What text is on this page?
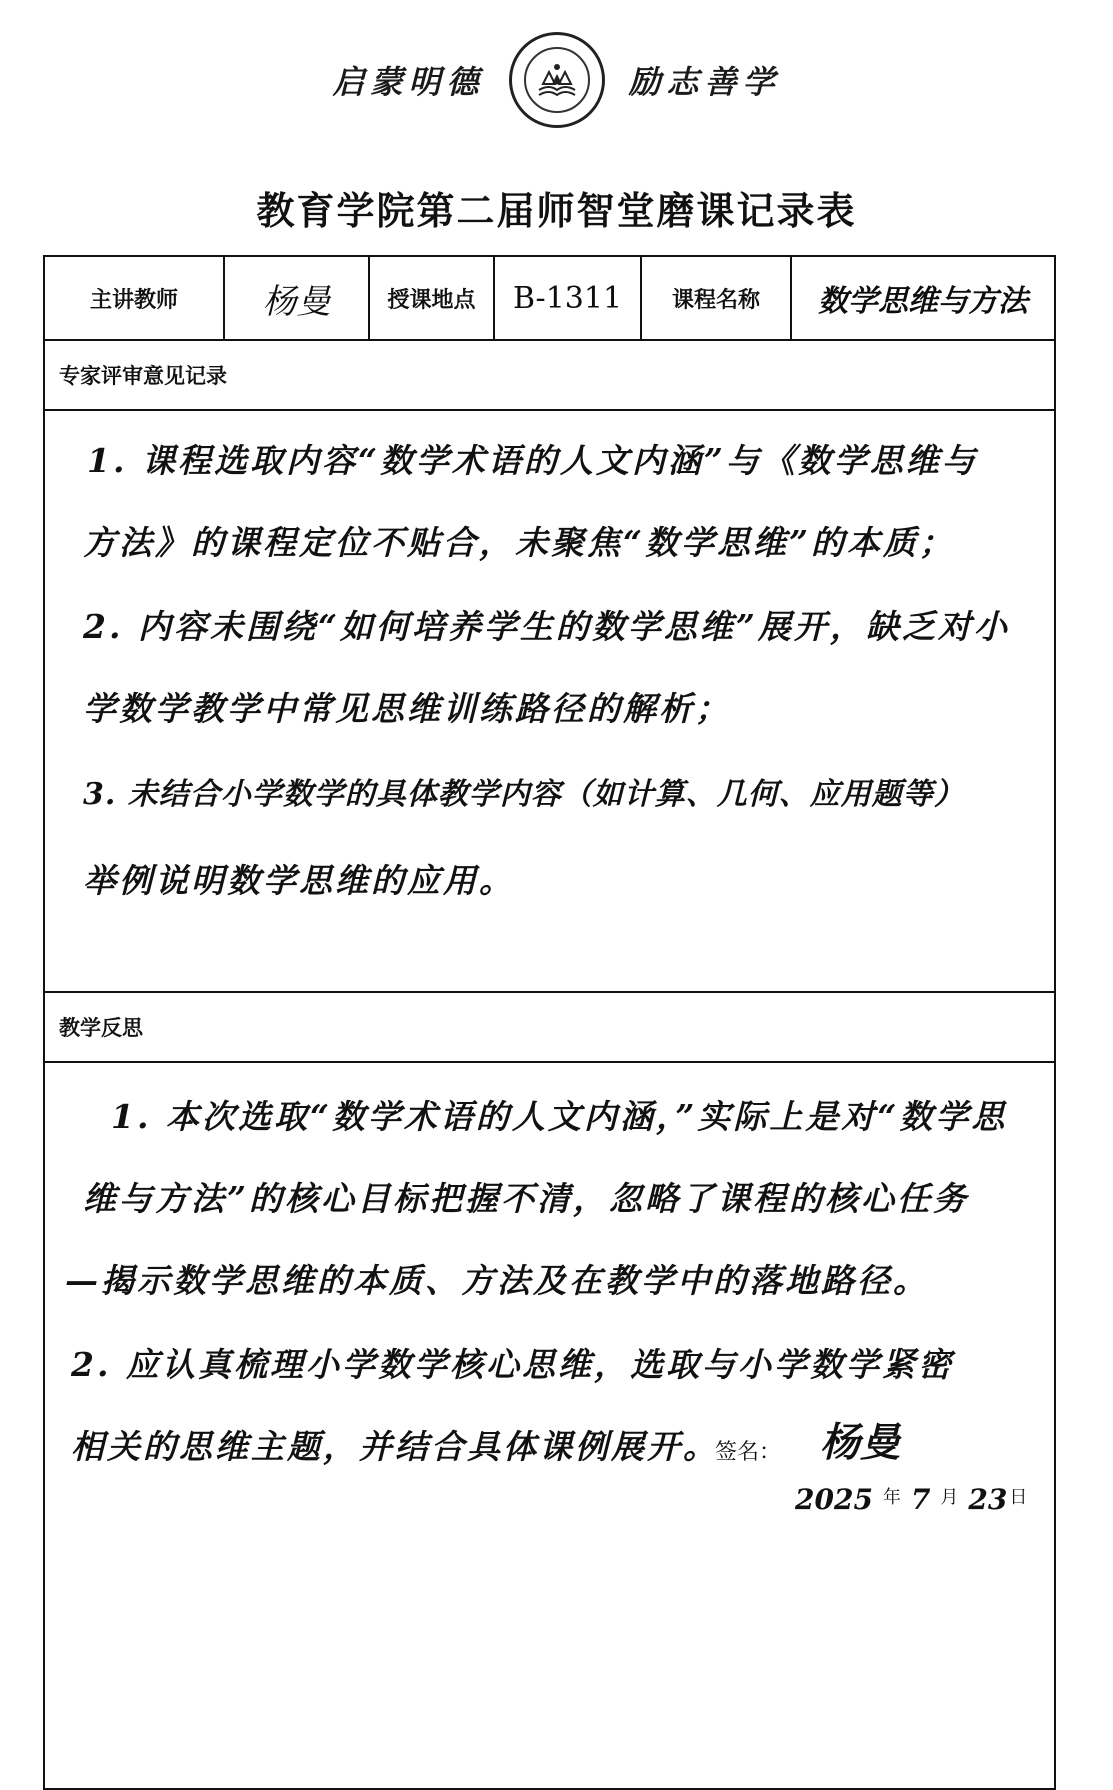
启蒙明德	励志善学
教育学院第二届师智堂磨课记录表
主讲教师	杨曼	授课地点	B-1311	课程名称	数学思维与方法
专家评审意见记录
1. 课程选取内容“数学术语的人文内涵”与《数学思维与
方法》的课程定位不贴合，未聚焦“数学思维”的本质；
2. 内容未围绕“如何培养学生的数学思维”展开，缺乏对小
学数学教学中常见思维训练路径的解析；
3. 未结合小学数学的具体教学内容（如计算、几何、应用题等）
举例说明数学思维的应用。
教学反思
1. 本次选取“数学术语的人文内涵，”实际上是对“数学思
维与方法”的核心目标把握不清，忽略了课程的核心任务
—揭示数学思维的本质、方法及在教学中的落地路径。
2. 应认真梳理小学数学核心思维，选取与小学数学紧密
相关的思维主题，并结合具体课例展开。
签名： 杨曼
2025 $^年$ 7 $^月$ 23 $^日$
